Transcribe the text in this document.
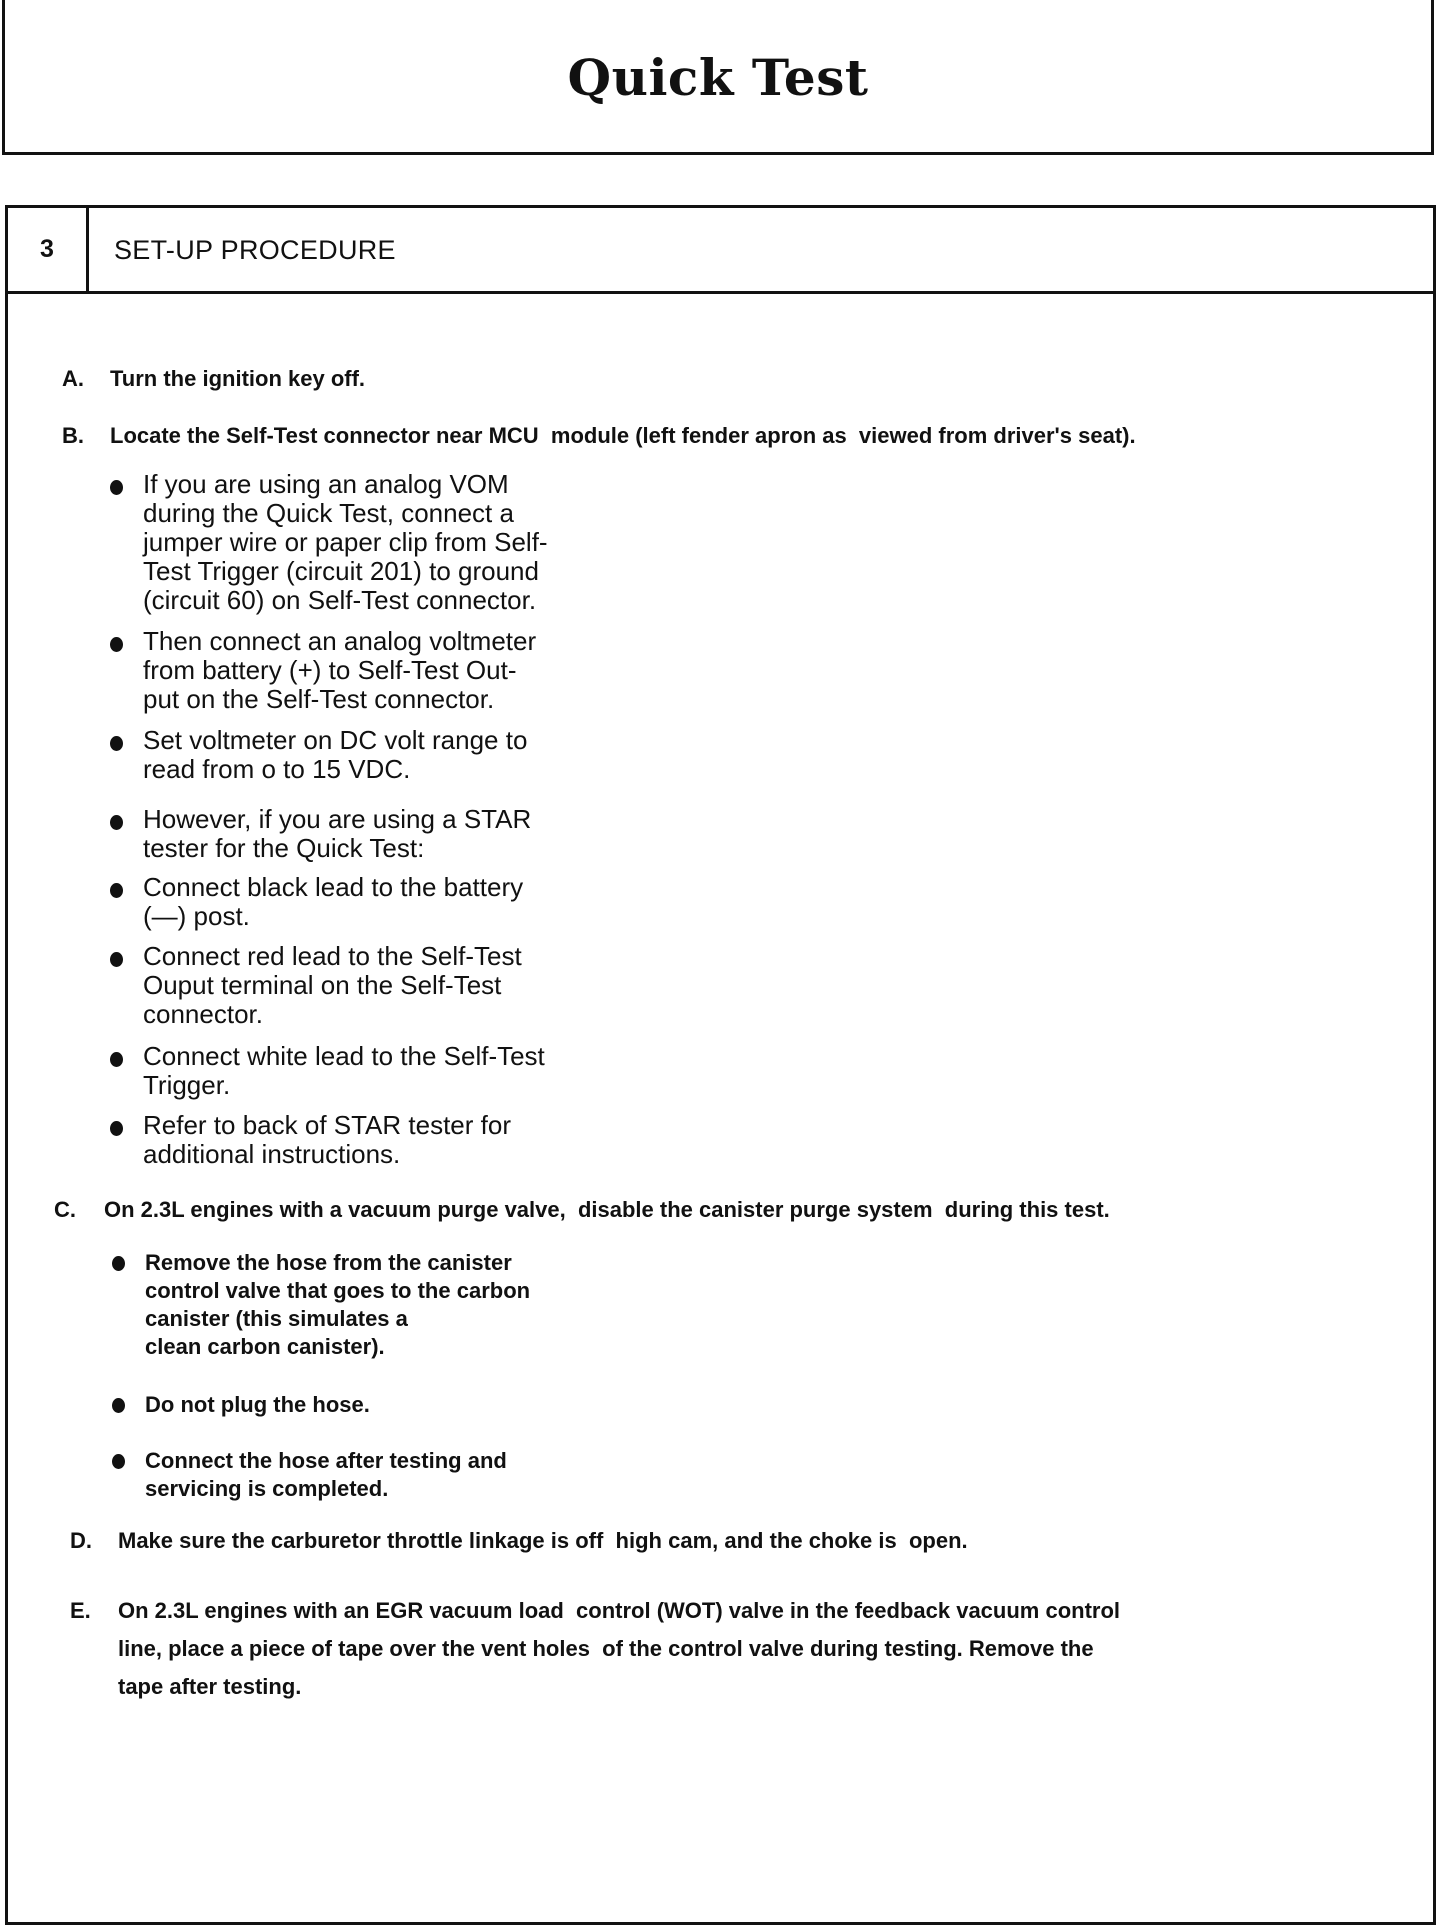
Quick Test
3	SET-UP PROCEDURE
A. Turn the ignition key off.
B. Locate the Self-Test connector near MCU  module (left fender apron as  viewed from driver's seat).
If you are using an analog VOM
during the Quick Test, connect a
jumper wire or paper clip from Self-
Test Trigger (circuit 201) to ground
(circuit 60) on Self-Test connector.
Then connect an analog voltmeter
from battery (+) to Self-Test Out-
put on the Self-Test connector.
Set voltmeter on DC volt range to
read from o to 15 VDC.
However, if you are using a STAR
tester for the Quick Test:
Connect black lead to the battery
(—) post.
Connect red lead to the Self-Test
Ouput terminal on the Self-Test
connector.
Connect white lead to the Self-Test
Trigger.
Refer to back of STAR tester for
additional instructions.
C. On 2.3L engines with a vacuum purge valve,  disable the canister purge system  during this test.
Remove the hose from the canister
control valve that goes to the carbon
canister (this simulates a
clean carbon canister).
Do not plug the hose.
Connect the hose after testing and
servicing is completed.
D. Make sure the carburetor throttle linkage is off  high cam, and the choke is  open.
E. On 2.3L engines with an EGR vacuum load  control (WOT) valve in the feedback vacuum control
line, place a piece of tape over the vent holes  of the control valve during testing. Remove the
tape after testing.
